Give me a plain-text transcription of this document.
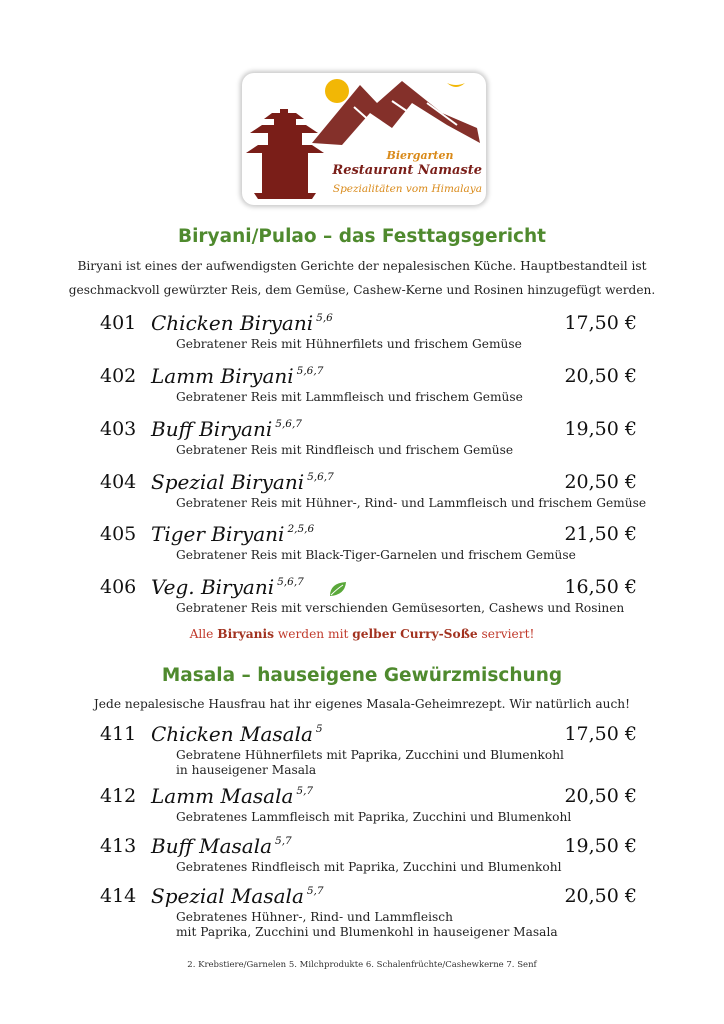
Biergarten
Restaurant Namaste
Spezialitäten vom Himalaya
Biryani/Pulao – das Festtagsgericht
Biryani ist eines der aufwendigsten Gerichte der nepalesischen Küche. Hauptbestandteil ist
geschmackvoll gewürzter Reis, dem Gemüse, Cashew-Kerne und Rosinen hinzugefügt werden.
401 Chicken Biryani $^{5,6}$	17,50 €
Gebratener Reis mit Hühnerfilets und frischem Gemüse
402 Lamm Biryani $^{5,6,7}$	20,50 €
Gebratener Reis mit Lammfleisch und frischem Gemüse
403 Buff Biryani $^{5,6,7}$	19,50 €
Gebratener Reis mit Rindfleisch und frischem Gemüse
404 Spezial Biryani $^{5,6,7}$	20,50 €
Gebratener Reis mit Hühner-, Rind- und Lammfleisch und frischem Gemüse
405 Tiger Biryani $^{2,5,6}$	21,50 €
Gebratener Reis mit Black-Tiger-Garnelen und frischem Gemüse
406 Veg. Biryani $^{5,6,7}$	16,50 €
Gebratener Reis mit verschienden Gemüsesorten, Cashews und Rosinen
Alle Biryanis werden mit gelber Curry-Soße serviert!
Masala – hauseigene Gewürzmischung
Jede nepalesische Hausfrau hat ihr eigenes Masala-Geheimrezept. Wir natürlich auch!
411 Chicken Masala $^5$	17,50 €
Gebratene Hühnerfilets mit Paprika, Zucchini und Blumenkohl
in hauseigener Masala
412 Lamm Masala $^{5,7}$	20,50 €
Gebratenes Lammfleisch mit Paprika, Zucchini und Blumenkohl
413 Buff Masala $^{5,7}$	19,50 €
Gebratenes Rindfleisch mit Paprika, Zucchini und Blumenkohl
414 Spezial Masala $^{5,7}$	20,50 €
Gebratenes Hühner-, Rind- und Lammfleisch
mit Paprika, Zucchini und Blumenkohl in hauseigener Masala
2. Krebstiere/Garnelen 5. Milchprodukte 6. Schalenfrüchte/Cashewkerne 7. Senf
